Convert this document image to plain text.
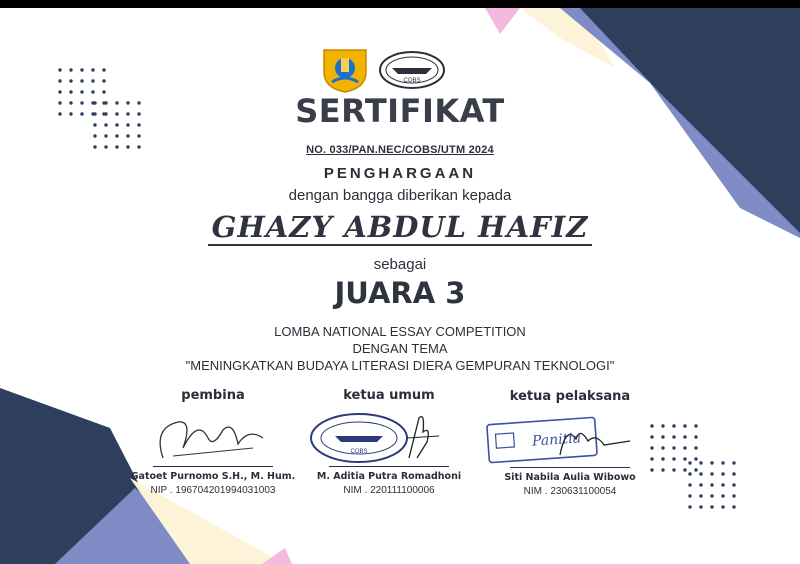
COBS
SERTIFIKAT
NO. 033/PAN.NEC/COBS/UTM 2024
PENGHARGAAN
dengan bangga diberikan kepada
GHAZY ABDUL HAFIZ
sebagai
JUARA 3
LOMBA NATIONAL ESSAY COMPETITION
DENGAN TEMA
"MENINGKATKAN BUDAYA LITERASI DIERA GEMPURAN TEKNOLOGI"
pembina
Gatoet Purnomo S.H., M. Hum.
NIP . 196704201994031003
ketua umum
COBS
M. Aditia Putra Romadhoni
NIM . 220111100006
ketua pelaksana
Panitia
Siti Nabila Aulia Wibowo
NIM . 230631100054
